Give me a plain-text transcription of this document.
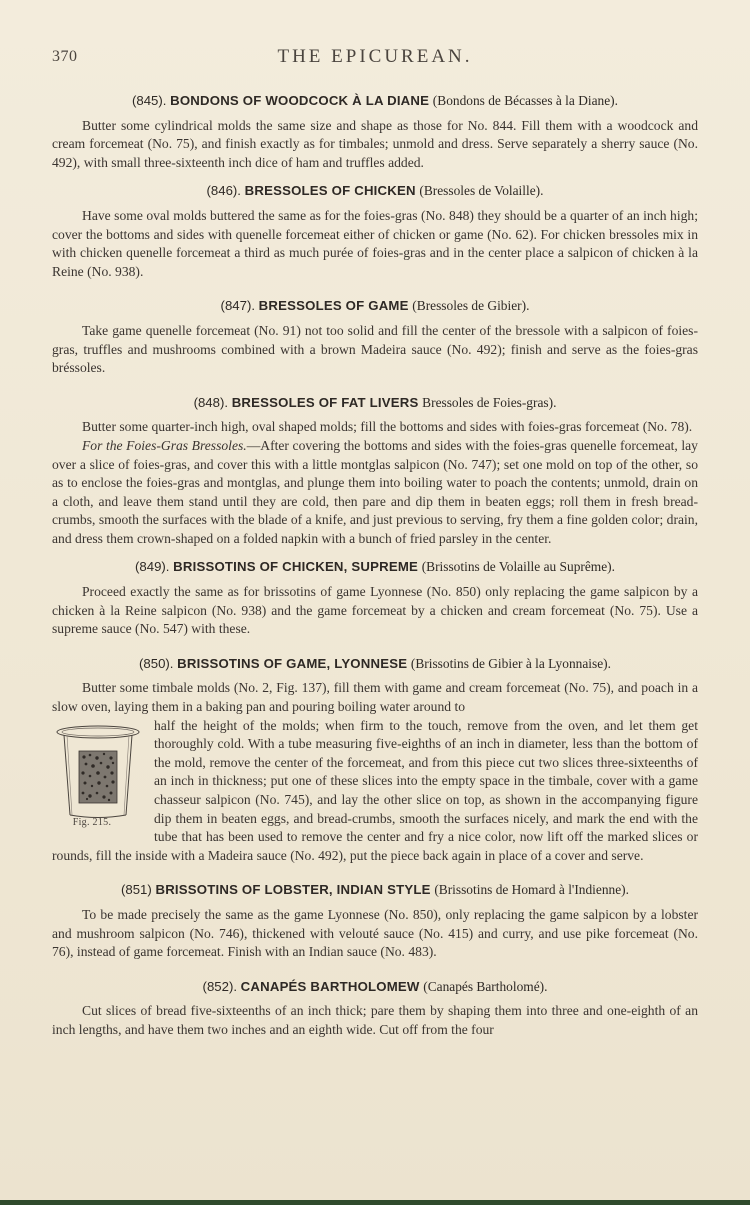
370	THE EPICUREAN.
(845). BONDONS OF WOODCOCK À LA DIANE (Bondons de Bécasses à la Diane).

Butter some cylindrical molds the same size and shape as those for No. 844. Fill them with a woodcock and cream forcemeat (No. 75), and finish exactly as for timbales; unmold and dress. Serve separately a sherry sauce (No. 492), with small three-sixteenth inch dice of ham and truffles added.

(846). BRESSOLES OF CHICKEN (Bressoles de Volaille).

Have some oval molds buttered the same as for the foies-gras (No. 848) they should be a quarter of an inch high; cover the bottoms and sides with quenelle forcemeat either of chicken or game (No. 62). For chicken bressoles mix in with chicken quenelle forcemeat a third as much purée of foies-gras and in the center place a salpicon of chicken à la Reine (No. 938).

(847). BRESSOLES OF GAME (Bressoles de Gibier).

Take game quenelle forcemeat (No. 91) not too solid and fill the center of the bressole with a salpicon of foies-gras, truffles and mushrooms combined with a brown Madeira sauce (No. 492); finish and serve as the foies-gras bréssoles.

(848). BRESSOLES OF FAT LIVERS Bressoles de Foies-gras).

Butter some quarter-inch high, oval shaped molds; fill the bottoms and sides with foies-gras forcemeat (No. 78).

For the Foies-Gras Bressoles.—After covering the bottoms and sides with the foies-gras quenelle forcemeat, lay over a slice of foies-gras, and cover this with a little montglas salpicon (No. 747); set one mold on top of the other, so as to enclose the foies-gras and montglas, and plunge them into boiling water to poach the contents; unmold, drain on a cloth, and leave them stand until they are cold, then pare and dip them in beaten eggs; roll them in fresh bread-crumbs, smooth the surfaces with the blade of a knife, and just previous to serving, fry them a fine golden color; drain, and dress them crown-shaped on a folded napkin with a bunch of fried parsley in the center.

(849). BRISSOTINS OF CHICKEN, SUPREME (Brissotins de Volaille au Suprême).

Proceed exactly the same as for brissotins of game Lyonnese (No. 850) only replacing the game salpicon by a chicken à la Reine salpicon (No. 938) and the game forcemeat by a chicken and cream forcemeat (No. 75). Use a supreme sauce (No. 547) with these.

(850). BRISSOTINS OF GAME, LYONNESE (Brissotins de Gibier à la Lyonnaise).

Butter some timbale molds (No. 2, Fig. 137), fill them with game and cream forcemeat (No. 75), and poach in a slow oven, laying them in a baking pan and pouring boiling water around to

Fig. 215.

half the height of the molds; when firm to the touch, remove from the oven, and let them get thoroughly cold. With a tube measuring five-eighths of an inch in diameter, less than the bottom of the mold, remove the center of the forcemeat, and from this piece cut two slices three-sixteenths of an inch in thickness; put one of these slices into the empty space in the timbale, cover with a game chasseur salpicon (No. 745), and lay the other slice on top, as shown in the accompanying figure dip them in beaten eggs, and bread-crumbs, smooth the surfaces nicely, and mark the end with the tube that has been used to remove the center and fry a nice color, now lift off the marked slices or rounds, fill the inside with a Madeira sauce (No. 492), put the piece back again in place of a cover and serve.

(851) BRISSOTINS OF LOBSTER, INDIAN STYLE (Brissotins de Homard à l'Indienne).

To be made precisely the same as the game Lyonnese (No. 850), only replacing the game salpicon by a lobster and mushroom salpicon (No. 746), thickened with velouté sauce (No. 415) and curry, and use pike forcemeat (No. 76), instead of game forcemeat. Finish with an Indian sauce (No. 483).

(852). CANAPÉS BARTHOLOMEW (Canapés Bartholomé).

Cut slices of bread five-sixteenths of an inch thick; pare them by shaping them into three and one-eighth of an inch lengths, and have them two inches and an eighth wide. Cut off from the four
